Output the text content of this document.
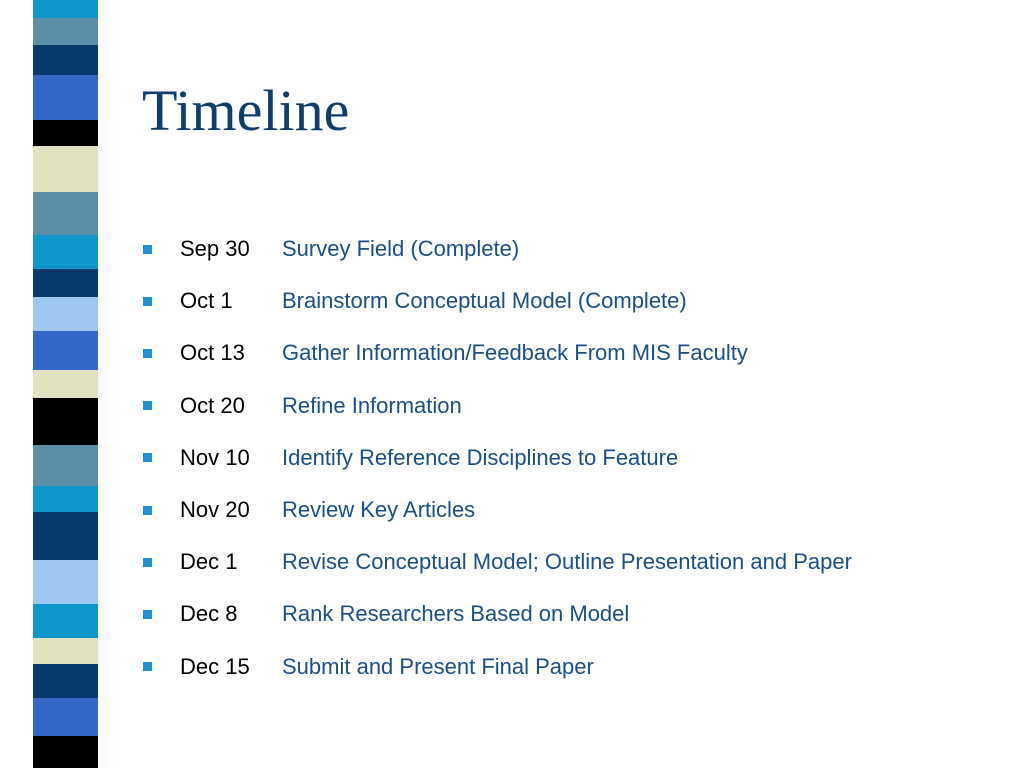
Timeline
Sep 30	Survey Field (Complete)
Oct 1	Brainstorm Conceptual Model (Complete)
Oct 13	Gather Information/Feedback From MIS Faculty
Oct 20	Refine Information
Nov 10	Identify Reference Disciplines to Feature
Nov 20	Review Key Articles
Dec 1	Revise Conceptual Model; Outline Presentation and Paper
Dec 8	Rank Researchers Based on Model
Dec 15	Submit and Present Final Paper
